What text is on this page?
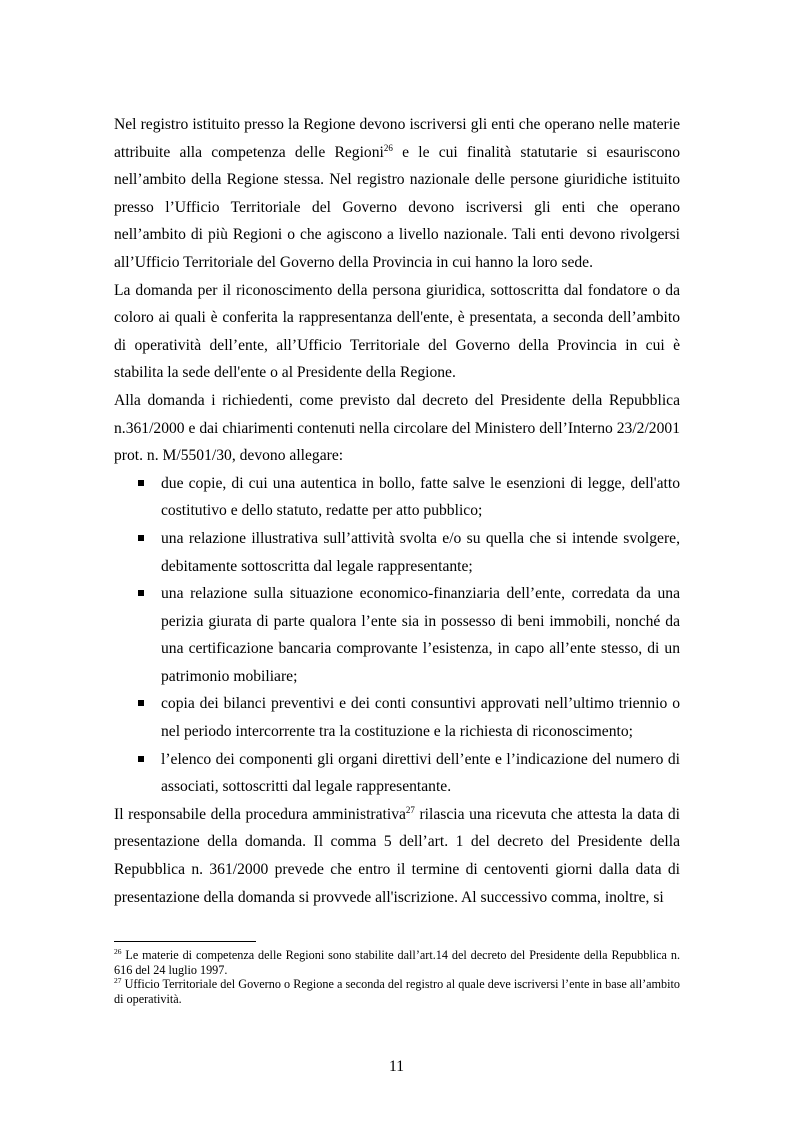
Nel registro istituito presso la Regione devono iscriversi gli enti che operano nelle materie attribuite alla competenza delle Regioni$^{26}$ e le cui finalità statutarie si esauriscono nell’ambito della Regione stessa. Nel registro nazionale delle persone giuridiche istituito presso l’Ufficio Territoriale del Governo devono iscriversi gli enti che operano nell’ambito di più Regioni o che agiscono a livello nazionale. Tali enti devono rivolgersi all’Ufficio Territoriale del Governo della Provincia in cui hanno la loro sede.

La domanda per il riconoscimento della persona giuridica, sottoscritta dal fondatore o da coloro ai quali è conferita la rappresentanza dell'ente, è presentata, a seconda dell’ambito di operatività dell’ente, all’Ufficio Territoriale del Governo della Provincia in cui è stabilita la sede dell'ente o al Presidente della Regione.

Alla domanda i richiedenti, come previsto dal decreto del Presidente della Repubblica n.361/2000 e dai chiarimenti contenuti nella circolare del Ministero dell’Interno 23/2/2001 prot. n. M/5501/30, devono allegare:

due copie, di cui una autentica in bollo, fatte salve le esenzioni di legge, dell'atto costitutivo e dello statuto, redatte per atto pubblico;
una relazione illustrativa sull’attività svolta e/o su quella che si intende svolgere, debitamente sottoscritta dal legale rappresentante;
una relazione sulla situazione economico-finanziaria dell’ente, corredata da una perizia giurata di parte qualora l’ente sia in possesso di beni immobili, nonché da una certificazione bancaria comprovante l’esistenza, in capo all’ente stesso, di un patrimonio mobiliare;
copia dei bilanci preventivi e dei conti consuntivi approvati nell’ultimo triennio o nel periodo intercorrente tra la costituzione e la richiesta di riconoscimento;
l’elenco dei componenti gli organi direttivi dell’ente e l’indicazione del numero di associati, sottoscritti dal legale rappresentante.

Il responsabile della procedura amministrativa$^{27}$ rilascia una ricevuta che attesta la data di presentazione della domanda. Il comma 5 dell’art. 1 del decreto del Presidente della Repubblica n. 361/2000 prevede che entro il termine di centoventi giorni dalla data di presentazione della domanda si provvede all'iscrizione. Al successivo comma, inoltre, si

$^{26}$ Le materie di competenza delle Regioni sono stabilite dall’art.14 del decreto del Presidente della Repubblica n. 616 del 24 luglio 1997.

$^{27}$ Ufficio Territoriale del Governo o Regione a seconda del registro al quale deve iscriversi l’ente in base all’ambito di operatività.

11
